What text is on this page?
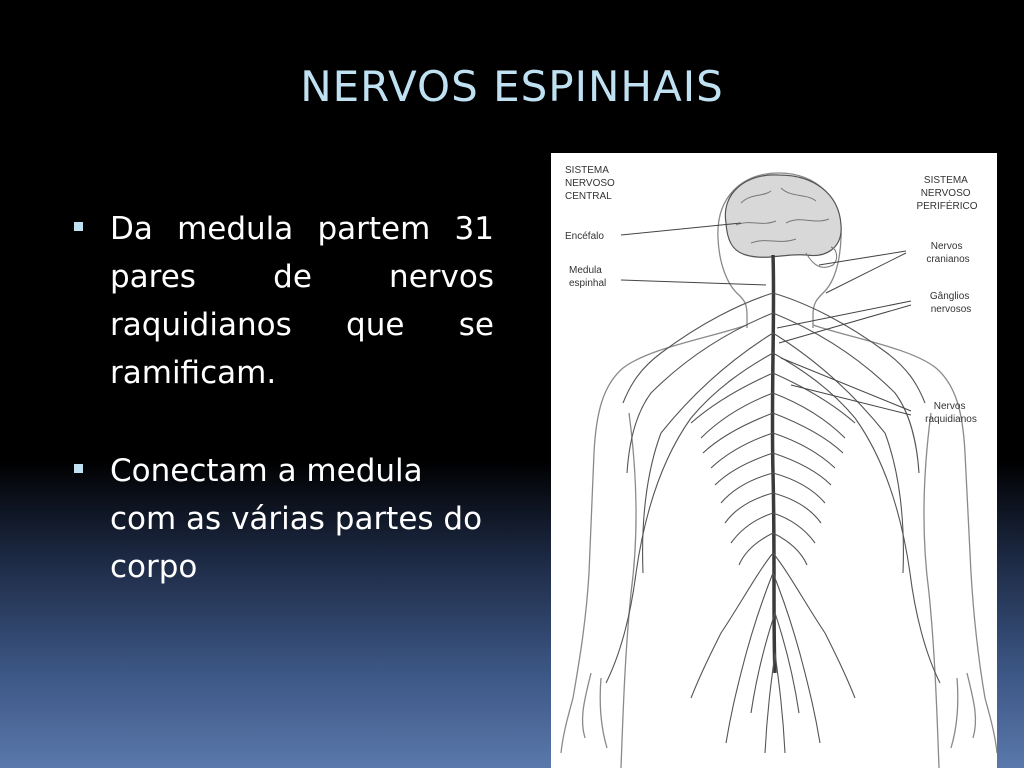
NERVOS ESPINHAIS
Da medula partem 31 pares de nervos raquidianos que se ramificam.
Conectam a medula com as várias partes do corpo
SISTEMA NERVOSO CENTRAL
Encéfalo
Medula espinhal
SISTEMA NERVOSO PERIFÉRICO
Nervos cranianos
Gânglios nervosos
Nervos raquidianos
